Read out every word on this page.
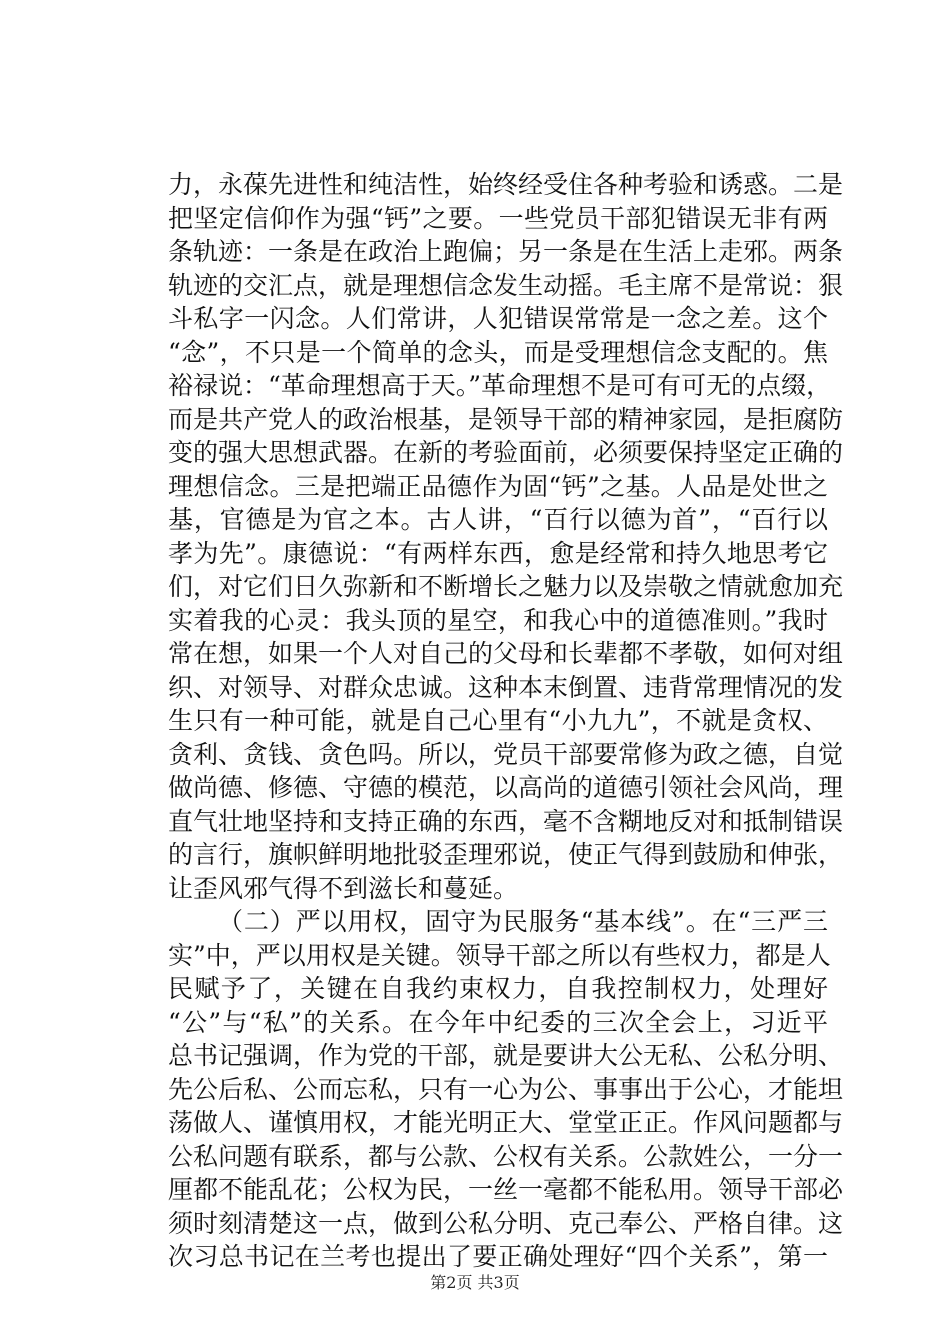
力，永葆先进性和纯洁性，始终经受住各种考验和诱惑。二是
把坚定信仰作为强“钙”之要。一些党员干部犯错误无非有两
条轨迹：一条是在政治上跑偏；另一条是在生活上走邪。两条
轨迹的交汇点，就是理想信念发生动摇。毛主席不是常说：狠
斗私字一闪念。人们常讲，人犯错误常常是一念之差。这个
“念”，不只是一个简单的念头，而是受理想信念支配的。焦
裕禄说：“革命理想高于天。”革命理想不是可有可无的点缀，
而是共产党人的政治根基，是领导干部的精神家园，是拒腐防
变的强大思想武器。在新的考验面前，必须要保持坚定正确的
理想信念。三是把端正品德作为固“钙”之基。人品是处世之
基，官德是为官之本。古人讲，“百行以德为首”，“百行以
孝为先”。康德说：“有两样东西，愈是经常和持久地思考它
们，对它们日久弥新和不断增长之魅力以及崇敬之情就愈加充
实着我的心灵：我头顶的星空，和我心中的道德准则。”我时
常在想，如果一个人对自己的父母和长辈都不孝敬，如何对组
织、对领导、对群众忠诚。这种本末倒置、违背常理情况的发
生只有一种可能，就是自己心里有“小九九”，不就是贪权、
贪利、贪钱、贪色吗。所以，党员干部要常修为政之德，自觉
做尚德、修德、守德的模范，以高尚的道德引领社会风尚，理
直气壮地坚持和支持正确的东西，毫不含糊地反对和抵制错误
的言行，旗帜鲜明地批驳歪理邪说，使正气得到鼓励和伸张，
让歪风邪气得不到滋长和蔓延。
（二）严以用权，固守为民服务“基本线”。在“三严三
实”中，严以用权是关键。领导干部之所以有些权力，都是人
民赋予了，关键在自我约束权力，自我控制权力，处理好
“公”与“私”的关系。在今年中纪委的三次全会上，习近平
总书记强调，作为党的干部，就是要讲大公无私、公私分明、
先公后私、公而忘私，只有一心为公、事事出于公心，才能坦
荡做人、谨慎用权，才能光明正大、堂堂正正。作风问题都与
公私问题有联系，都与公款、公权有关系。公款姓公，一分一
厘都不能乱花；公权为民，一丝一毫都不能私用。领导干部必
须时刻清楚这一点，做到公私分明、克己奉公、严格自律。这
次习总书记在兰考也提出了要正确处理好“四个关系”，第一
第2页 共3页
